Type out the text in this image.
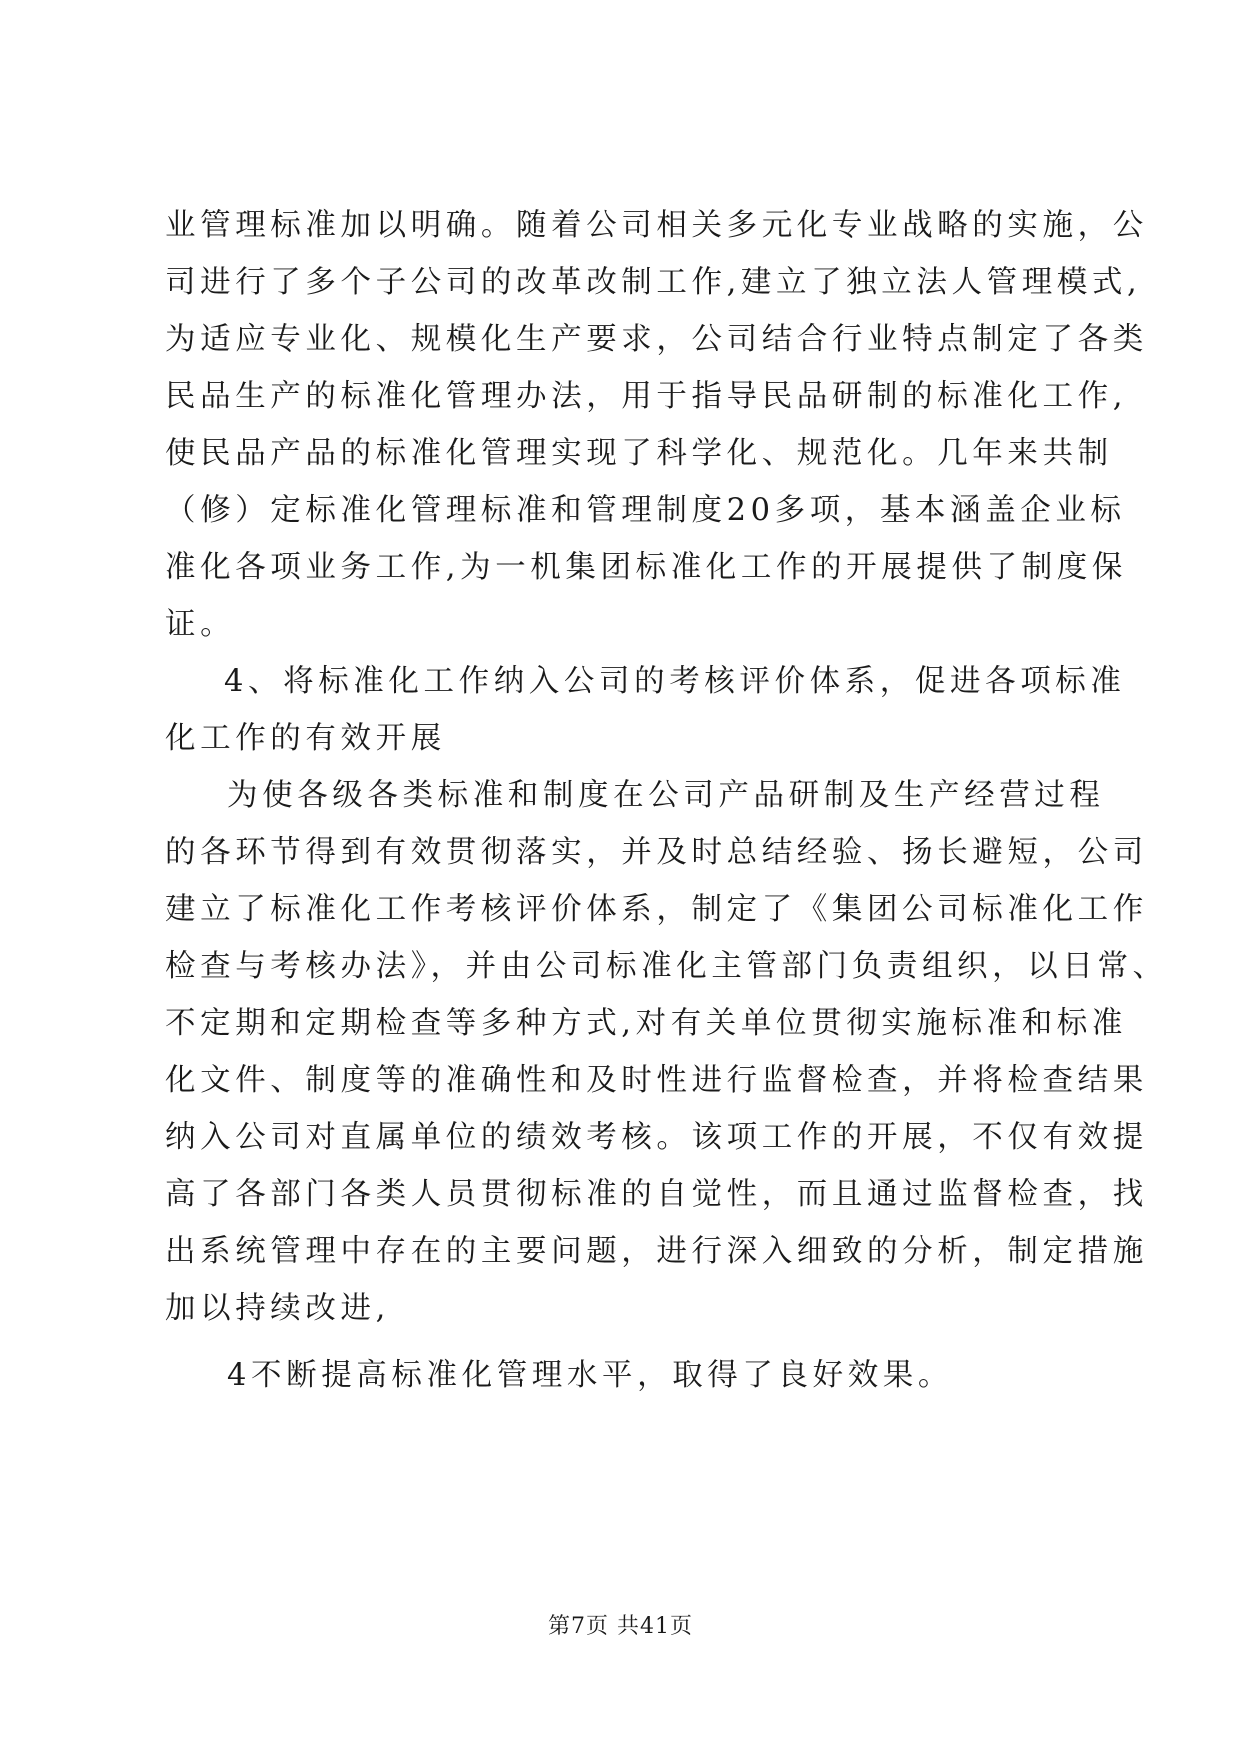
业管理标准加以明确。随着公司相关多元化专业战略的实施，公
司进行了多个子公司的改革改制工作,建立了独立法人管理模式,
为适应专业化、规模化生产要求，公司结合行业特点制定了各类
民品生产的标准化管理办法，用于指导民品研制的标准化工作,
使民品产品的标准化管理实现了科学化、规范化。几年来共制
（修）定标准化管理标准和管理制度20多项，基本涵盖企业标
准化各项业务工作,为一机集团标准化工作的开展提供了制度保
证。
4、将标准化工作纳入公司的考核评价体系，促进各项标准
化工作的有效开展
为使各级各类标准和制度在公司产品研制及生产经营过程
的各环节得到有效贯彻落实，并及时总结经验、扬长避短，公司
建立了标准化工作考核评价体系，制定了《集团公司标准化工作
检查与考核办法》，并由公司标准化主管部门负责组织，以日常、
不定期和定期检查等多种方式,对有关单位贯彻实施标准和标准
化文件、制度等的准确性和及时性进行监督检查，并将检查结果
纳入公司对直属单位的绩效考核。该项工作的开展，不仅有效提
高了各部门各类人员贯彻标准的自觉性，而且通过监督检查，找
出系统管理中存在的主要问题，进行深入细致的分析，制定措施
加以持续改进,
4不断提高标准化管理水平，取得了良好效果。
第7页 共41页
